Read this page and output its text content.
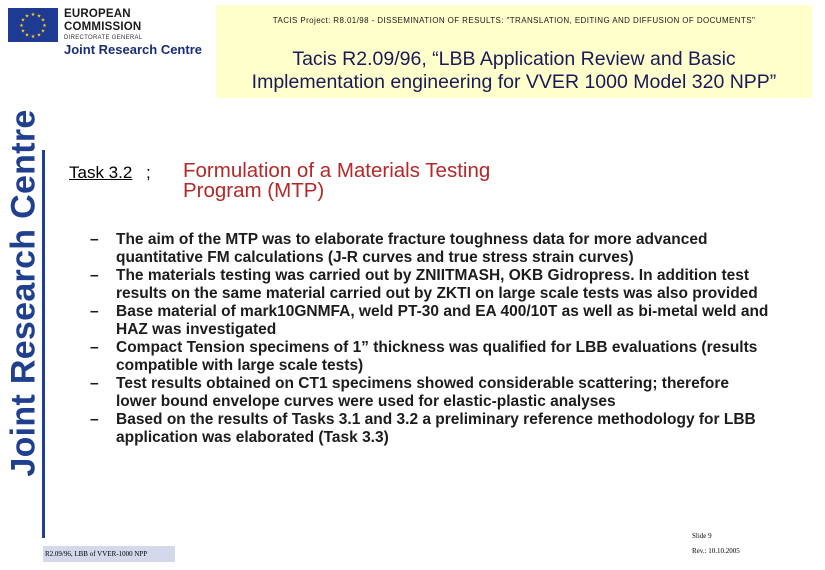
★ ★
★
★
★
★
★
★
★
★
★
★	EUROPEAN COMMISSION
DIRECTORATE GENERAL
Joint Research Centre
TACIS Project: R8.01/98 - DISSEMINATION OF RESULTS: "TRANSLATION, EDITING AND DIFFUSION OF DOCUMENTS"
Tacis R2.09/96, “LBB Application Review and Basic
Implementation engineering for VVER 1000 Model 320 NPP”
Joint Research Centre Task 3.2 ; Formulation of a Materials Testing
Program (MTP)
– The aim of the MTP was to elaborate fracture toughness data for more advanced quantitative FM calculations (J-R curves and true stress strain curves)
– The materials testing was carried out by ZNIITMASH, OKB Gidropress. In addition test results on the same material carried out by ZKTI on large scale tests was also provided
– Base material of mark10GNMFA, weld PT-30 and EA 400/10T as well as bi-metal weld and HAZ was investigated
– Compact Tension specimens of 1” thickness was qualified for LBB evaluations (results compatible with large scale tests)
– Test results obtained on CT1 specimens showed considerable scattering; therefore lower bound envelope curves were used for elastic-plastic analyses
– Based on the results of Tasks 3.1 and 3.2 a preliminary reference methodology for LBB application was elaborated (Task 3.3)
R2.09/96, LBB of VVER-1000 NPP
Slide 9
Rev.: 10.10.2005
